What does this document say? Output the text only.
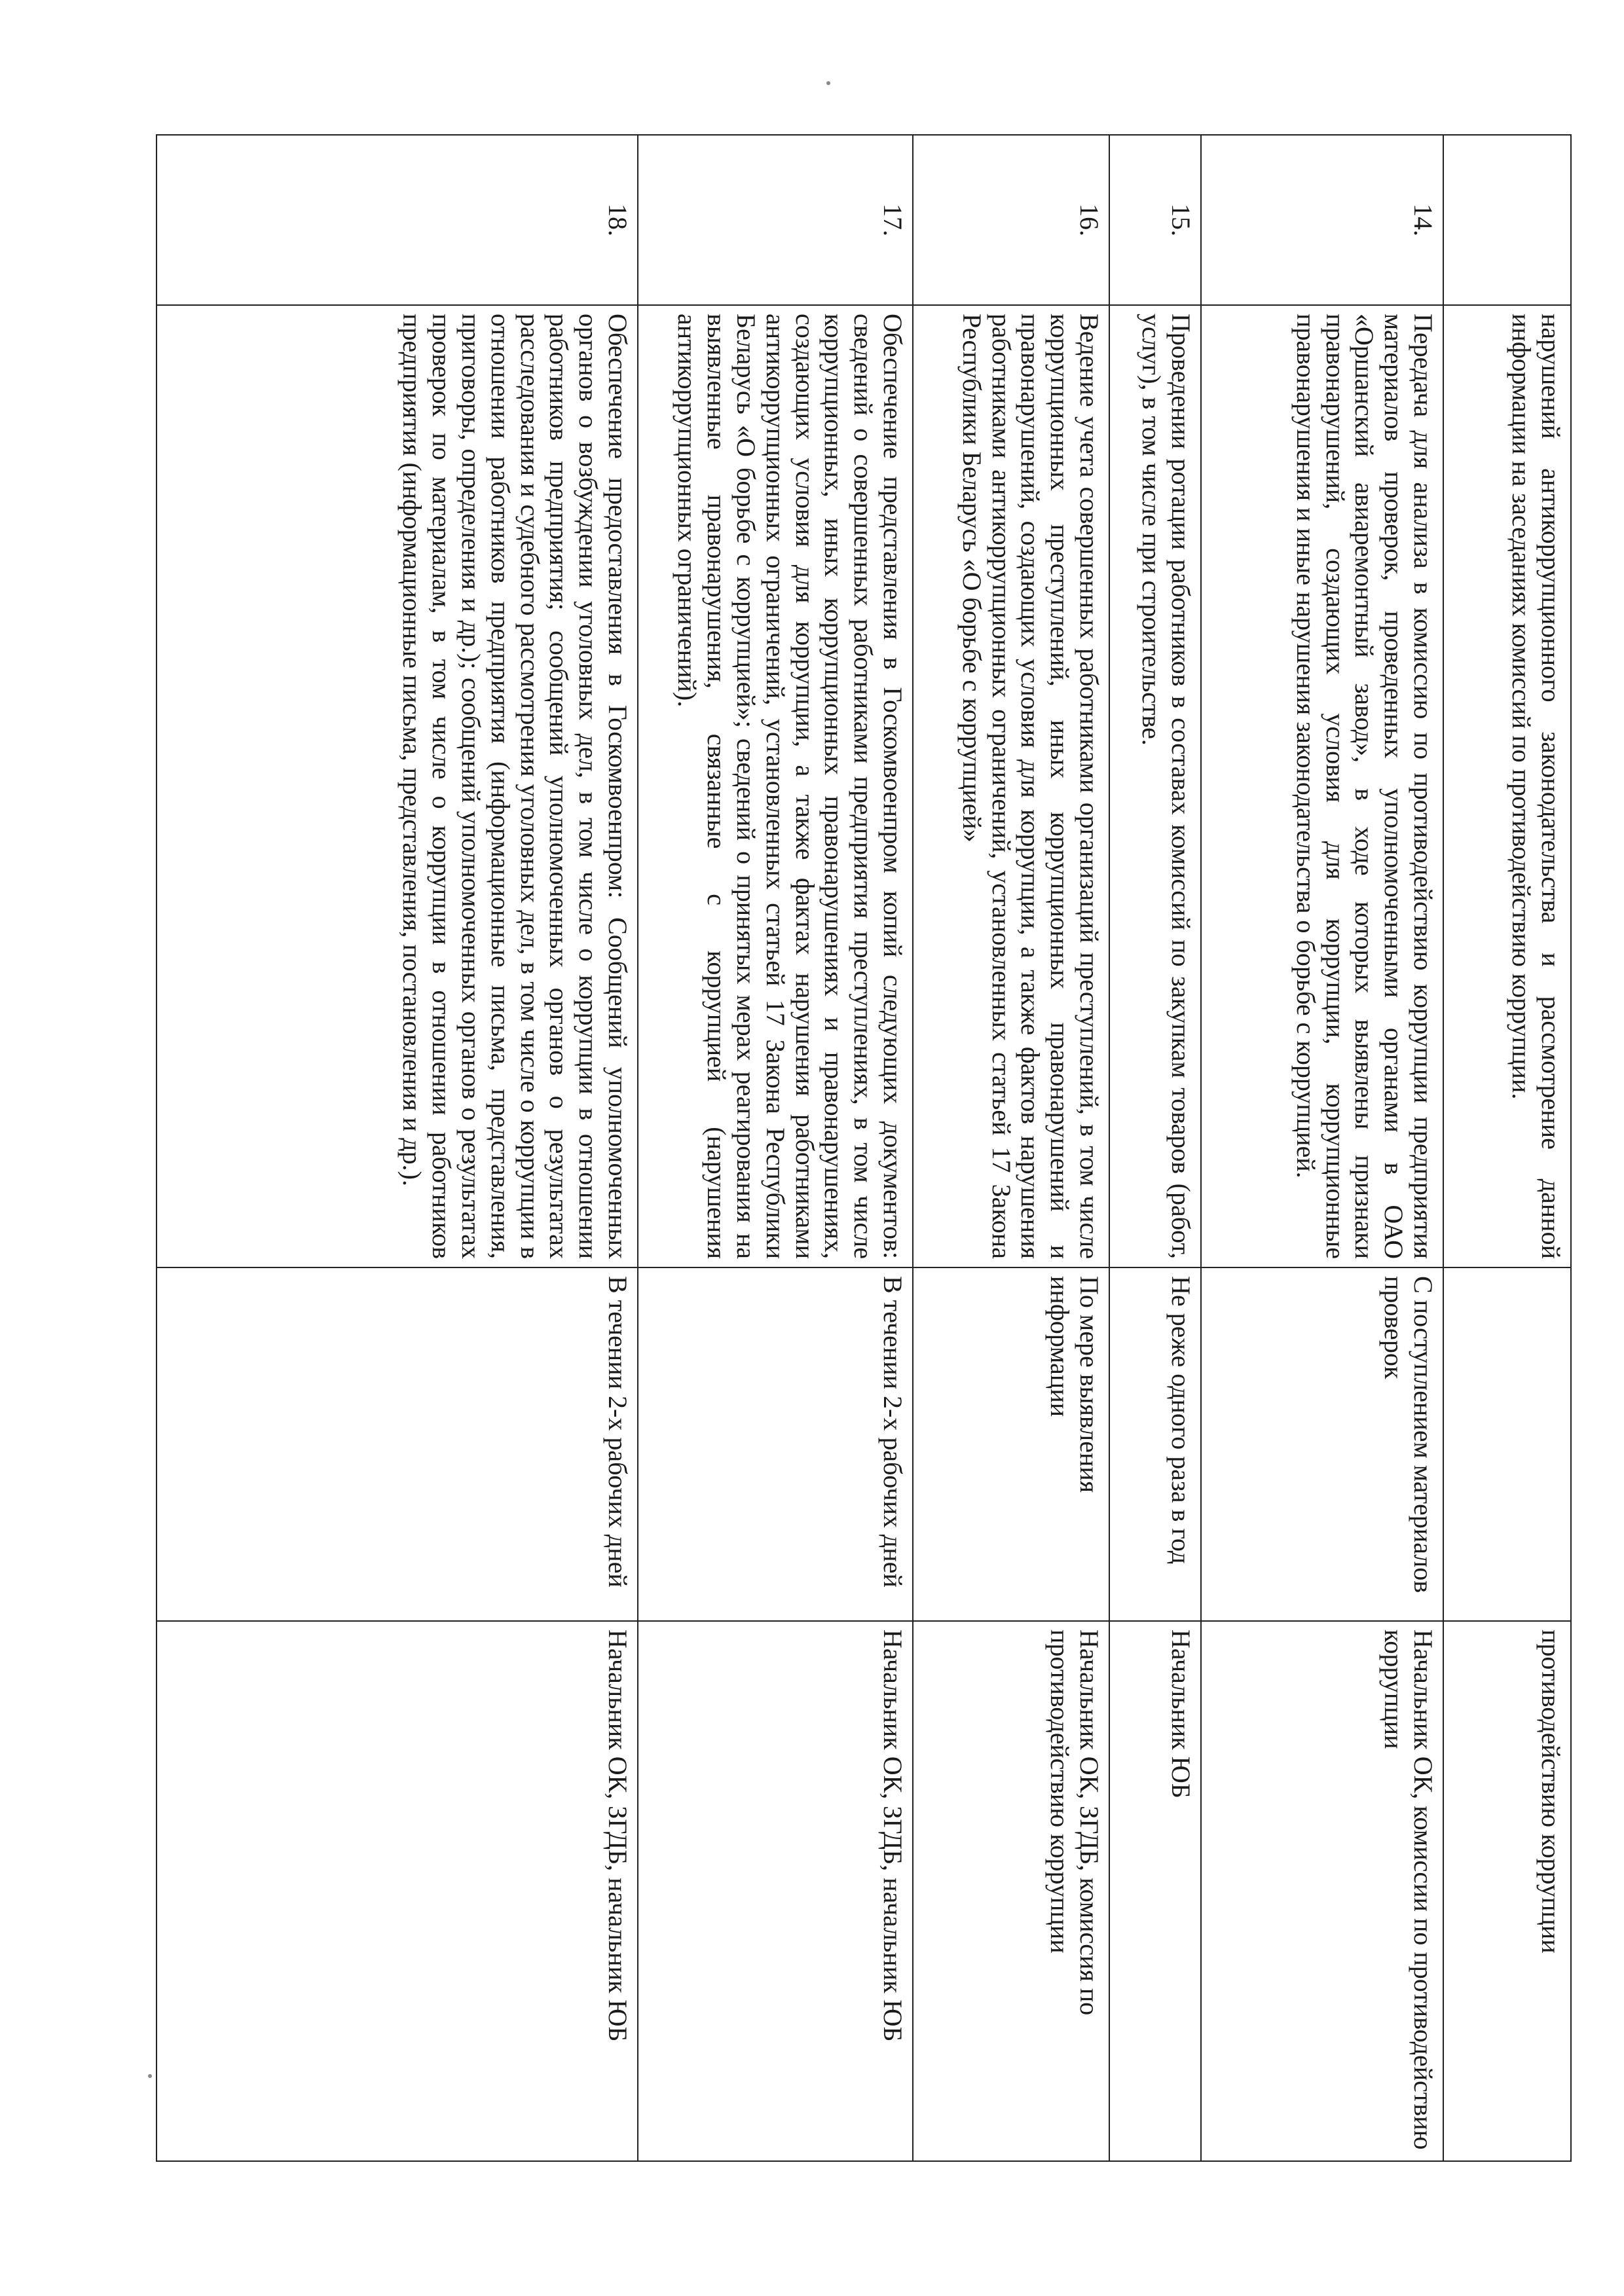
	нарушений антикоррупционного законодательства и рассмотрение данной информации на заседаниях комиссий по противодействию коррупции.		противодействию коррупции
14.	Передача для анализа в комиссию по противодействию коррупции предприятия материалов проверок, проведенных уполномоченными органами в ОАО «Оршанский авиаремонтный завод», в ходе которых выявлены признаки правонарушений, создающих условия для коррупции, коррупционные правонарушения и иные нарушения законодательства о борьбе с коррупцией.	С поступлением материалов проверок	Начальник ОК, комиссии по противодействию коррупции
15.	Проведении ротации работников в составах комиссий по закупкам товаров (работ, услуг), в том числе при строительстве.	Не реже одного раза в год	Начальник ЮБ
16.	Ведение учета совершенных работниками организаций преступлений, в том числе коррупционных преступлений, иных коррупционных правонарушений и правонарушений, создающих условия для коррупции, а также фактов нарушения работниками антикоррупционных ограничений, установленных статьей 17 Закона Республики Беларусь «О борьбе с коррупцией»	По мере выявления информации	Начальник ОК, ЗГДБ, комиссия по противодействию коррупции
17.	Обеспечение представления в Госкомвоенпром копий следующих документов: сведений о совершенных работниками предприятия преступлениях, в том числе коррупционных, иных коррупционных правонарушениях и правонарушениях, создающих условия для коррупции, а также фактах нарушения работниками антикоррупционных ограничений, установленных статьей 17 Закона Республики Беларусь «О борьбе с коррупцией»; сведений о принятых мерах реагирования на выявленные правонарушения, связанные с коррупцией (нарушения антикоррупционных ограничений).	В течении 2-х рабочих дней	Начальник ОК, ЗГДБ, начальник ЮБ
18.	Обеспечение предоставления в Госкомвоенпром: Сообщений уполномоченных органов о возбуждении уголовных дел, в том числе о коррупции в отношении работников предприятия; сообщений уполномоченных органов о результатах расследования и судебного рассмотрения уголовных дел, в том числе о коррупции в отношении работников предприятия (информационные письма, представления, приговоры, определения и др.); сообщений уполномоченных органов о результатах проверок по материалам, в том числе о коррупции в отношении работников предприятия (информационные письма, представления, постановления и др.).	В течении 2-х рабочих дней	Начальник ОК, ЗГДБ, начальник ЮБ
